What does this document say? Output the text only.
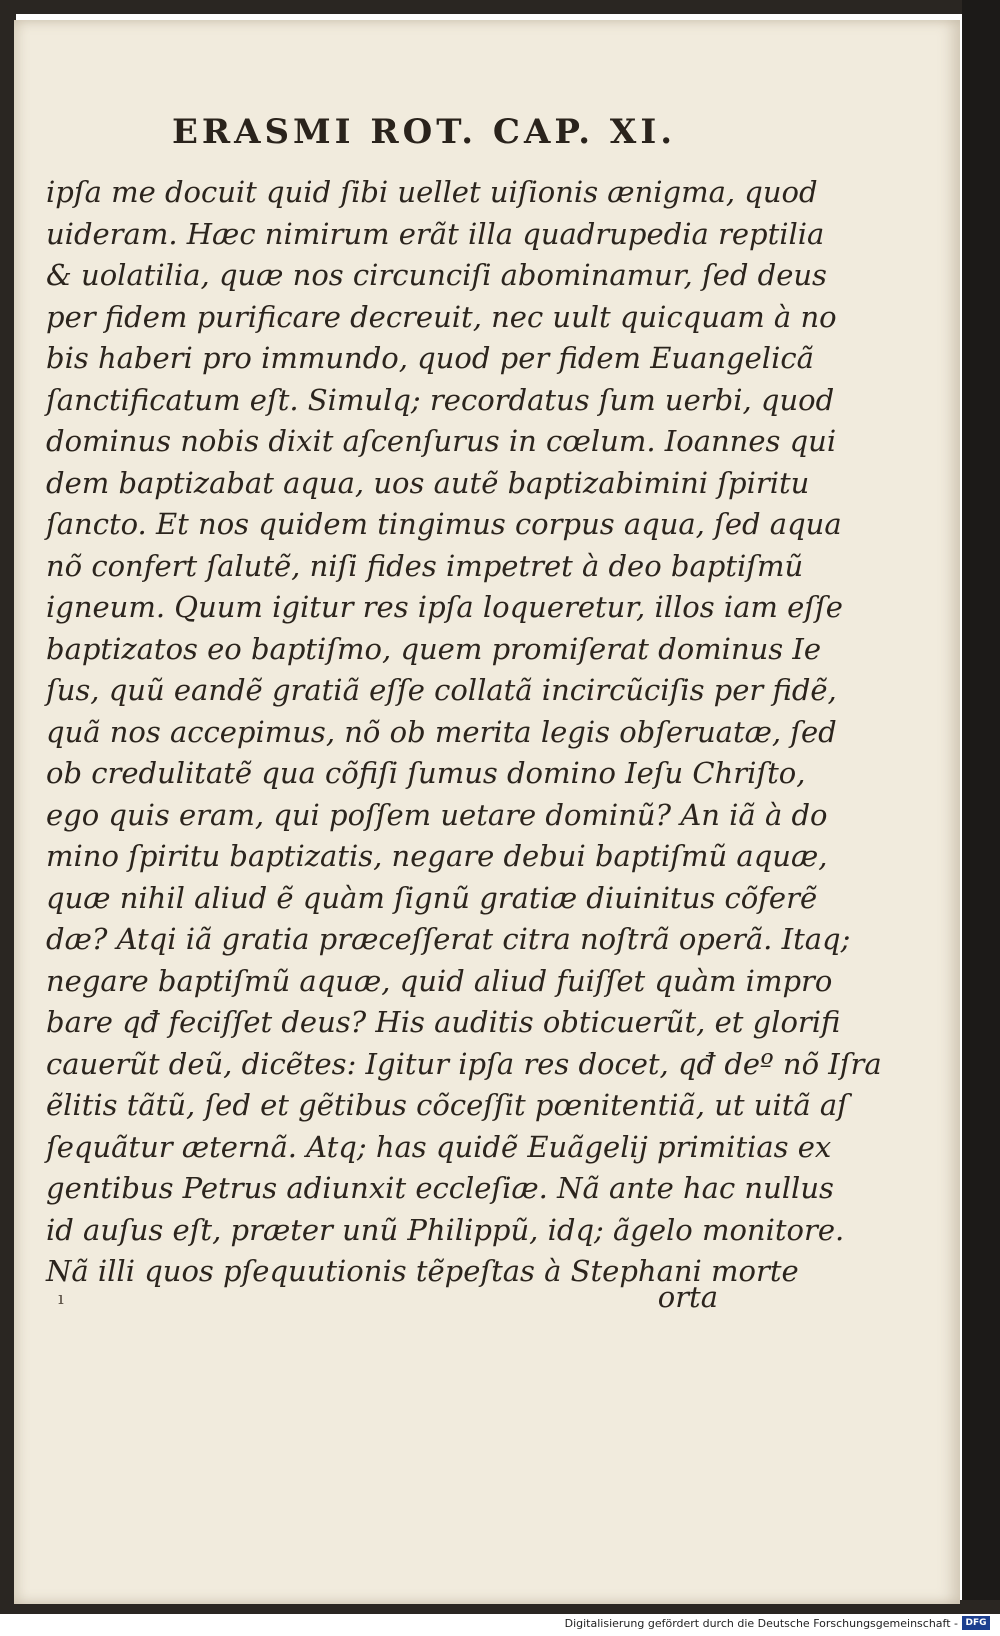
ERASMI ROT. CAP. XI.
ipſa me docuit quid ſibi uellet uiſionis ænigma, quod
uideram. Hæc nimirum erãt illa quadrupedia reptilia
& uolatilia, quæ nos circunciſi abominamur, ſed deus
per fidem purificare decreuit, nec uult quicquam à no
bis haberi pro immundo, quod per fidem Euangelicã
ſanctificatum eſt. Simulq; recordatus ſum uerbi, quod
dominus nobis dixit aſcenſurus in cœlum. Ioannes qui
dem baptizabat aqua, uos autẽ baptizabimini ſpiritu
ſancto. Et nos quidem tingimus corpus aqua, ſed aqua
nõ confert ſalutẽ, niſi fides impetret à deo baptiſmũ
igneum. Quum igitur res ipſa loqueretur, illos iam eſſe
baptizatos eo baptiſmo, quem promiſerat dominus Ie
ſus, quũ eandẽ gratiã eſſe collatã incircũciſis per fidẽ,
quã nos accepimus, nõ ob merita legis obſeruatæ, ſed
ob credulitatẽ qua cõfiſi ſumus domino Ieſu Chriſto,
ego quis eram, qui poſſem uetare dominũ? An iã à do
mino ſpiritu baptizatis, negare debui baptiſmũ aquæ,
quæ nihil aliud ẽ quàm ſignũ gratiæ diuinitus cõferẽ
dæ? Atqi iã gratia præceſſerat citra noſtrã operã. Itaq;
negare baptiſmũ aquæ, quid aliud fuiſſet quàm impro
bare qđ feciſſet deus? His auditis obticuerũt, et glorifi
cauerũt deũ, dicẽtes: Igitur ipſa res docet, qđ deº nõ Iſra
ẽlitis tãtũ, ſed et gẽtibus cõceſſit pœnitentiã, ut uitã aſ
ſequãtur æternã. Atq; has quidẽ Euãgelij primitias ex
gentibus Petrus adiunxit eccleſiæ. Nã ante hac nullus
id auſus eſt, præter unũ Philippũ, idq; ãgelo monitore.
Nã illi quos pſequutionis tẽpeſtas à Stephani morte
ı	orta
Digitalisierung gefördert durch die Deutsche Forschungsgemeinschaft - DFG
